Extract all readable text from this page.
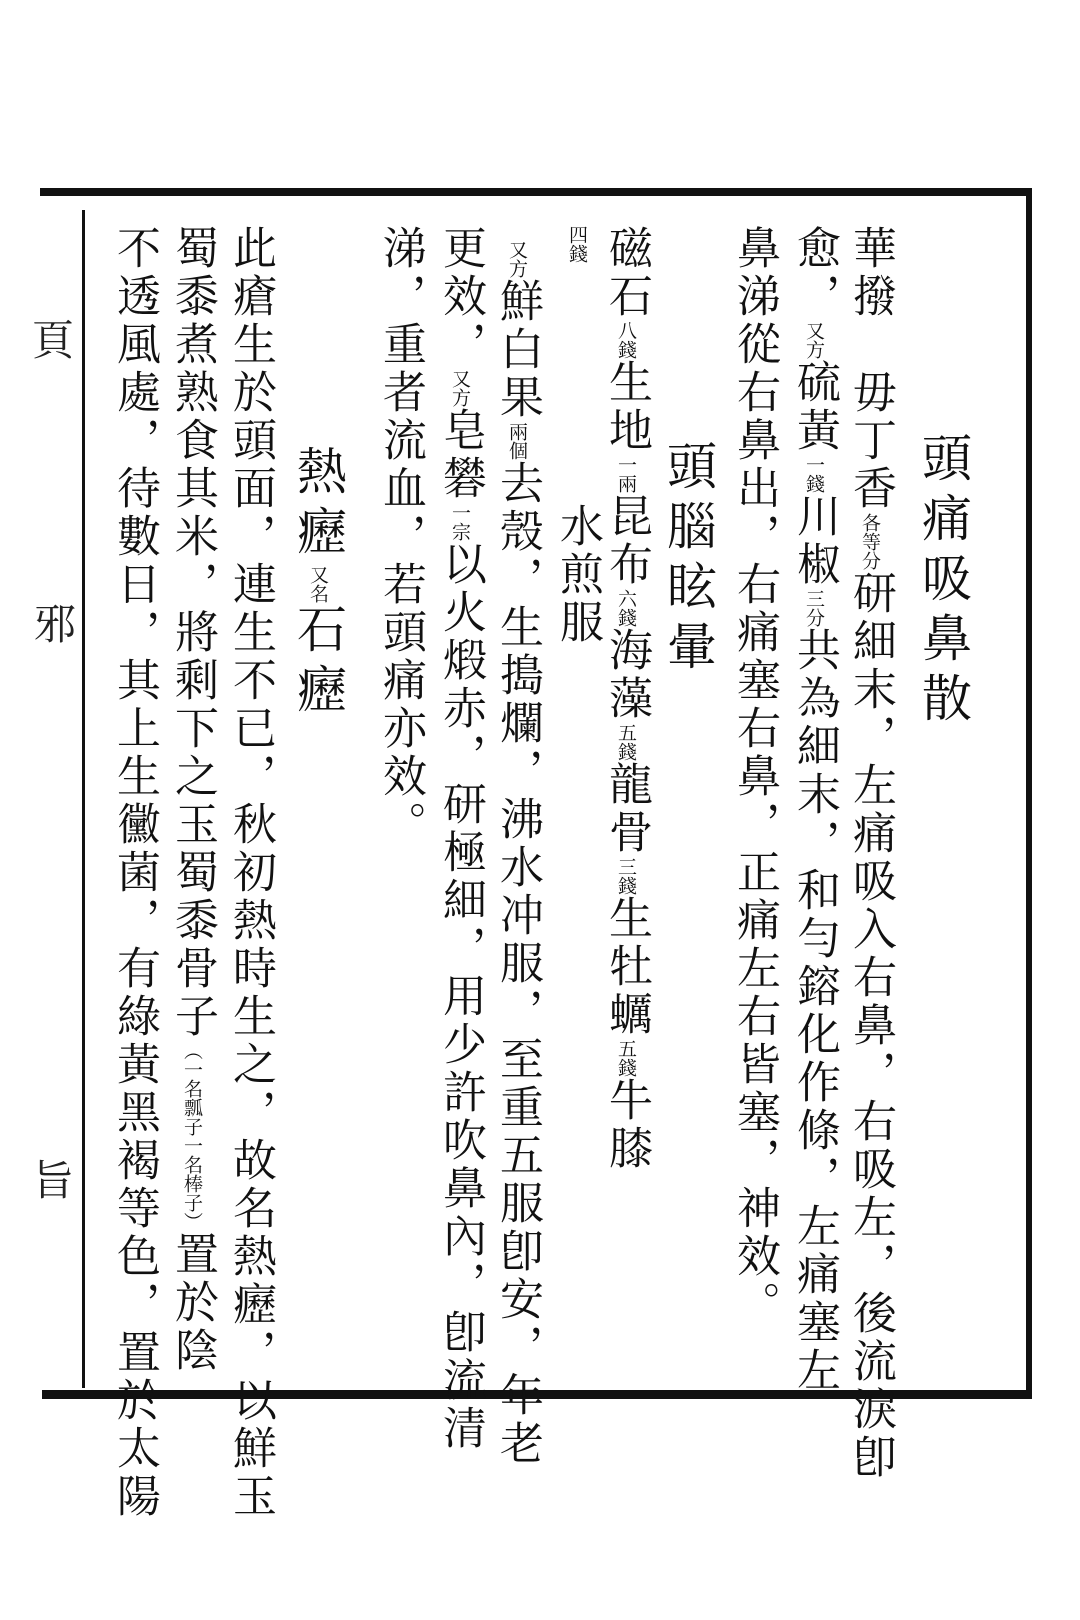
頁
邪
旨
頭痛吸鼻散
華撥　毋丁香各等分研細末，左痛吸入右鼻，右吸左，後流淚卽
愈，又方硫黃一錢川椒三分共為細末，和勻鎔化作條，左痛塞左
鼻涕從右鼻出，右痛塞右鼻，正痛左右皆塞，神效。
　頭腦眩暈
磁石八錢生地一兩昆布六錢海藻五錢龍骨三錢生牡蠣五錢牛膝
四錢　　　　　水煎服
又方鮮白果兩個去殼，生搗爛，沸水冲服，至重五服卽安，年老
更效，又方皂礬一宗以火煅赤，研極細，用少許吹鼻內，卽流清
涕，重者流血，若頭痛亦效。
熱癧又名石癧
此瘡生於頭面，連生不已，秋初熱時生之，故名熱癧，以鮮玉
蜀黍煮熟食其米，將剩下之玉蜀黍骨子（一名瓢子一名棒子）置於陰
不透風處，待數日，其上生黴菌，有綠黃黑褐等色，置於太陽
